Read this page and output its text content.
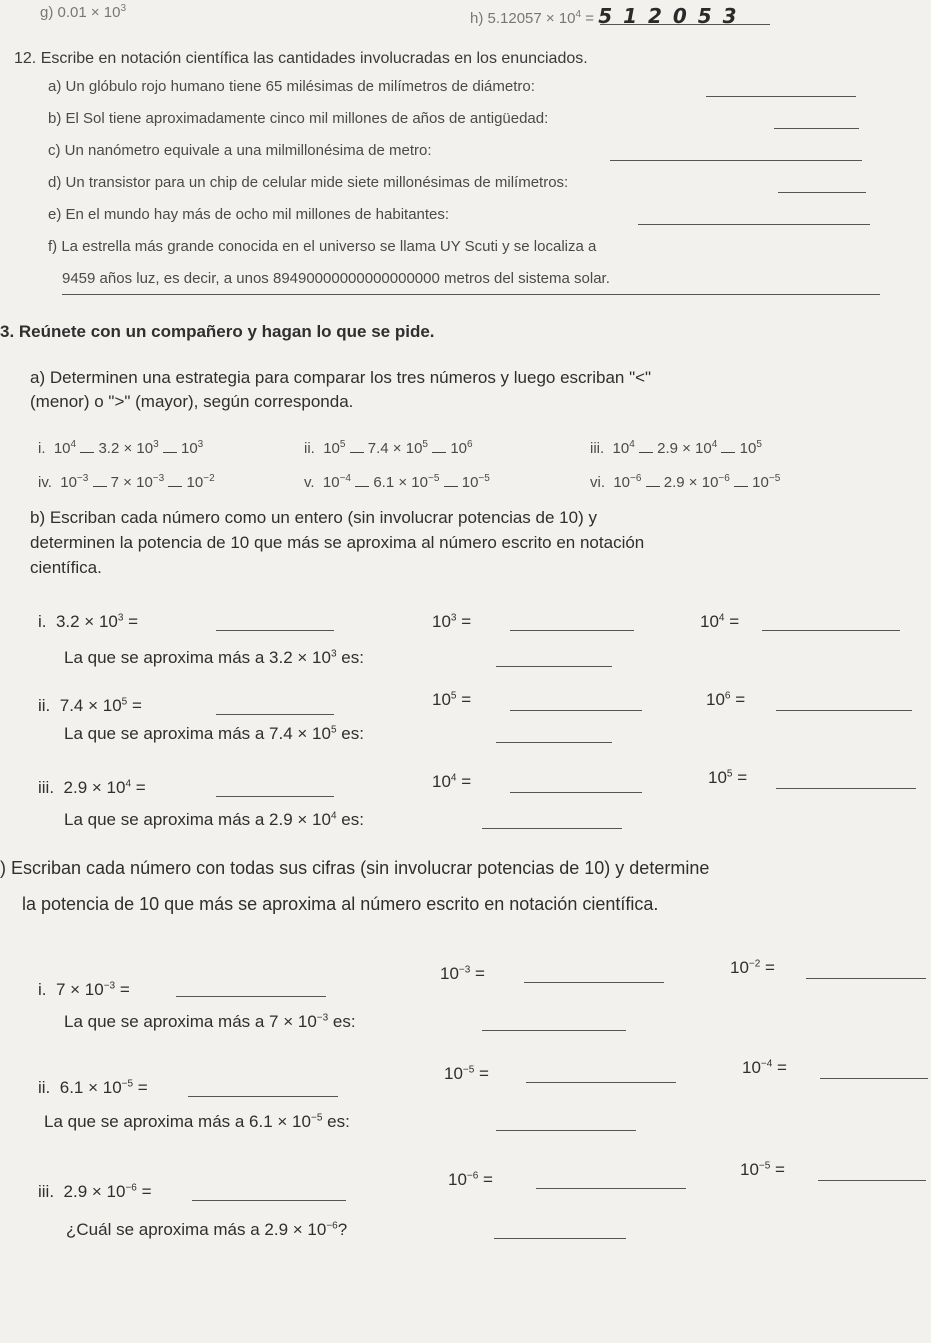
g) $0.01 \times 10^3$
h) $5.12057 \times 10^4 = 5$ 1 2 0 5 3
12. Escribe en notación científica las cantidades involucradas en los enunciados.
a) Un glóbulo rojo humano tiene 65 milésimas de milímetros de diámetro:
b) El Sol tiene aproximadamente cinco mil millones de años de antigüedad:
c) Un nanómetro equivale a una milmillonésima de metro:
d) Un transistor para un chip de celular mide siete millonésimas de milímetros:
e) En el mundo hay más de ocho mil millones de habitantes:
f) La estrella más grande conocida en el universo se llama UY Scuti y se localiza a
9459 años luz, es decir, a unos 89490000000000000000 metros del sistema solar.
3. Reúnete con un compañero y hagan lo que se pide.
a) Determinen una estrategia para comparar los tres números y luego escriban "<"
(menor) o ">" (mayor), según corresponda.
i. $10^4$ $3.2 \times 10^3$ $10^3$	ii. $10^5$ $7.4 \times 10^5$ $10^6$	iii. $10^4$ $2.9 \times 10^4$ $10^5$
iv. $10^{-3}$ $7 \times 10^{-3}$ $10^{-2}$	v. $10^{-4}$ $6.1 \times 10^{-5}$ $10^{-5}$	vi. $10^{-6}$ $2.9 \times 10^{-6}$ $10^{-5}$
b) Escriban cada número como un entero (sin involucrar potencias de 10) y
determinen la potencia de 10 que más se aproxima al número escrito en notación
científica.
i. $3.2 \times 10^3$ =	$10^3$ =	$10^4$ =
La que se aproxima más a $3.2 \times 10^3$ es:
ii. $7.4 \times 10^5$ =	$10^5$ =	$10^6$ =
La que se aproxima más a $7.4 \times 10^5$ es:
iii. $2.9 \times 10^4$ =	$10^4$ =	$10^5$ =
La que se aproxima más a $2.9 \times 10^4$ es:
) Escriban cada número con todas sus cifras (sin involucrar potencias de 10) y determine
la potencia de 10 que más se aproxima al número escrito en notación científica.
i. $7 \times 10^{-3}$ =
$10^{-3}$ =	$10^{-2}$ =
La que se aproxima más a $7 \times 10^{-3}$ es:
ii. $6.1 \times 10^{-5}$ =
$10^{-5}$ =	$10^{-4}$ =
La que se aproxima más a $6.1 \times 10^{-5}$ es:
iii. $2.9 \times 10^{-6}$ =
$10^{-6}$ =
$10^{-5}$ =
¿Cuál se aproxima más a $2.9 \times 10^{-6}$?
